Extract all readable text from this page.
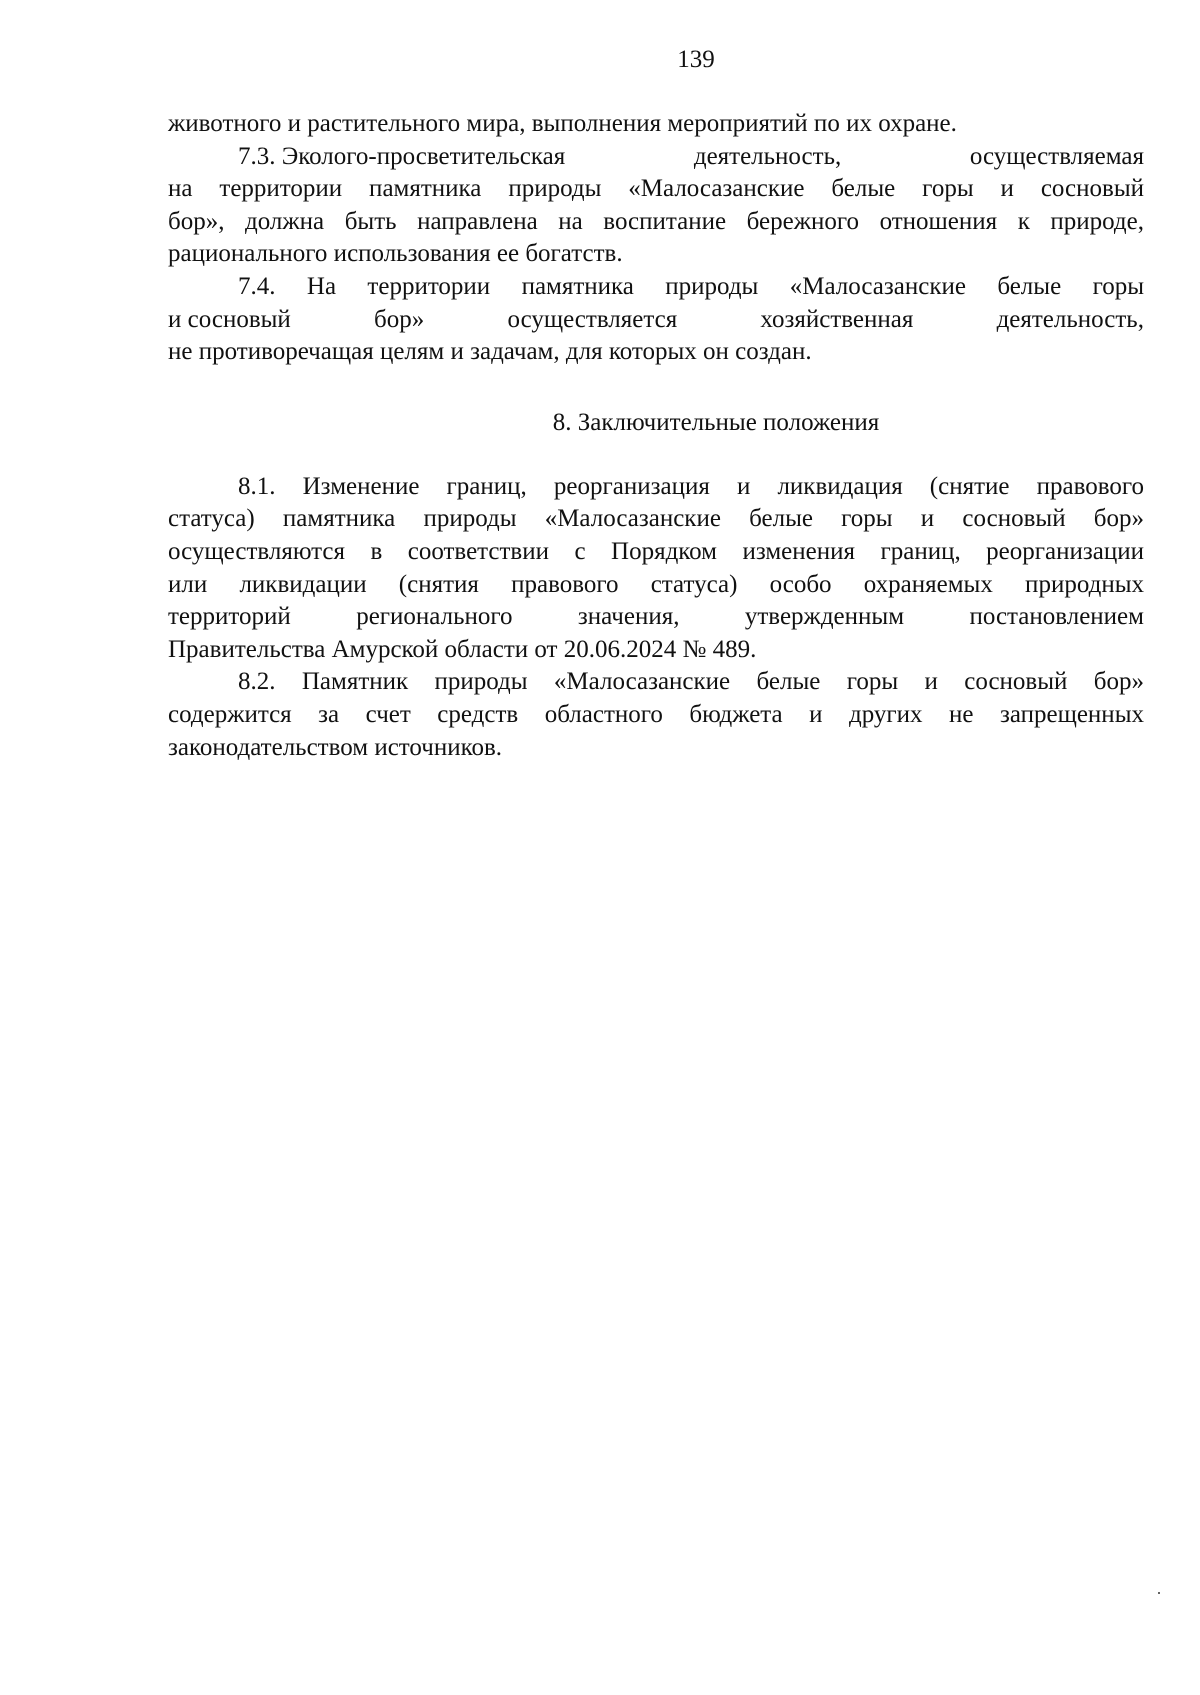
139

животного и растительного мира, выполнения мероприятий по их охране.

7.3. Эколого-просветительская	деятельность,	осуществляемая
на территории памятника природы «Малосазанские белые горы и сосновый
бор», должна быть направлена на воспитание бережного отношения к природе,
рационального использования ее богатств.
7.4. На территории памятника природы «Малосазанские белые горы
и сосновый	бор»	осуществляется	хозяйственная	деятельность,
не противоречащая целям и задачам, для которых он создан.
8. Заключительные положения
8.1. Изменение границ, реорганизация и ликвидация (снятие правового
статуса) памятника природы «Малосазанские белые горы и сосновый бор»
осуществляются в соответствии с Порядком изменения границ, реорганизации
или ликвидации (снятия правового статуса) особо охраняемых природных
территорий	регионального	значения,	утвержденным	постановлением
Правительства Амурской области от 20.06.2024 № 489.
8.2. Памятник природы «Малосазанские белые горы и сосновый бор»
содержится за счет средств областного бюджета и других не запрещенных
законодательством источников.
